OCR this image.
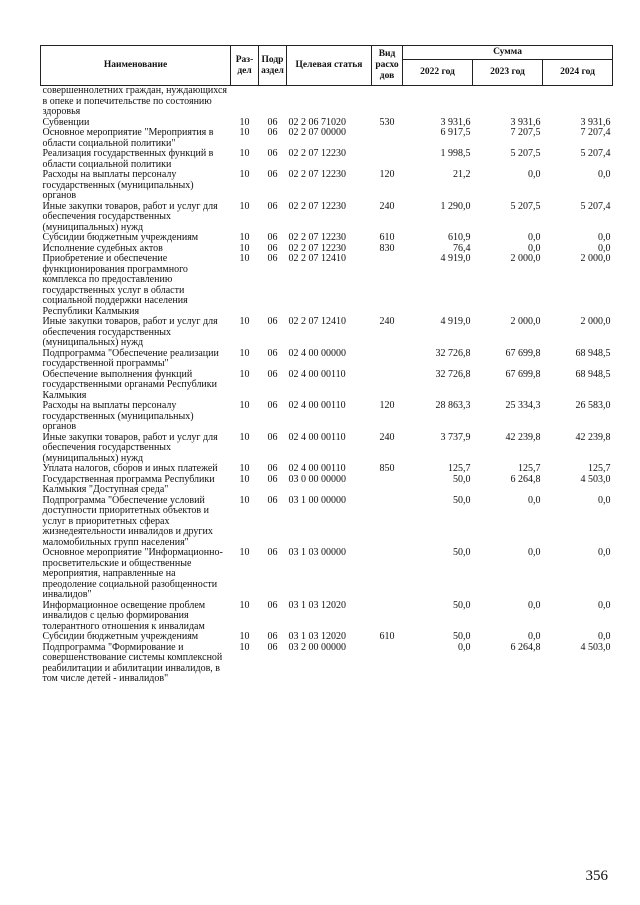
Наименование	Раз-дел	Подр аздел	Целевая статья	Вид расхо дов	Сумма		
					2022 год	2023 год	2024 год
совершеннолетних граждан, нуждающихся в опеке и попечительстве по состоянию здоровья							
Субвенции	10	06	02 2 06 71020	530	3 931,6	3 931,6	3 931,6
Основное мероприятие "Мероприятия в области социальной политики"	10	06	02 2 07 00000		6 917,5	7 207,5	7 207,4
Реализация государственных функций в области социальной политики	10	06	02 2 07 12230		1 998,5	5 207,5	5 207,4
Расходы на выплаты персоналу государственных (муниципальных) органов	10	06	02 2 07 12230	120	21,2	0,0	0,0
Иные закупки товаров, работ и услуг для обеспечения государственных (муниципальных) нужд	10	06	02 2 07 12230	240	1 290,0	5 207,5	5 207,4
Субсидии бюджетным учреждениям	10	06	02 2 07 12230	610	610,9	0,0	0,0
Исполнение судебных актов	10	06	02 2 07 12230	830	76,4	0,0	0,0
Приобретение и обеспечение функционирования программного комплекса по предоставлению государственных услуг в области социальной поддержки населения Республики Калмыкия	10	06	02 2 07 12410		4 919,0	2 000,0	2 000,0
Иные закупки товаров, работ и услуг для обеспечения государственных (муниципальных) нужд	10	06	02 2 07 12410	240	4 919,0	2 000,0	2 000,0
Подпрограмма "Обеспечение реализации государственной программы"	10	06	02 4 00 00000		32 726,8	67 699,8	68 948,5
Обеспечение выполнения функций государственными органами Республики Калмыкия	10	06	02 4 00 00110		32 726,8	67 699,8	68 948,5
Расходы на выплаты персоналу государственных (муниципальных) органов	10	06	02 4 00 00110	120	28 863,3	25 334,3	26 583,0
Иные закупки товаров, работ и услуг для обеспечения государственных (муниципальных) нужд	10	06	02 4 00 00110	240	3 737,9	42 239,8	42 239,8
Уплата налогов, сборов и иных платежей	10	06	02 4 00 00110	850	125,7	125,7	125,7
Государственная программа Республики Калмыкия "Доступная среда"	10	06	03 0 00 00000		50,0	6 264,8	4 503,0
Подпрограмма "Обеспечение условий доступности приоритетных объектов и услуг в приоритетных сферах жизнедеятельности инвалидов и других маломобильных групп населения"	10	06	03 1 00 00000		50,0	0,0	0,0
Основное мероприятие "Информационно-просветительские и общественные мероприятия, направленные на преодоление социальной разобщенности инвалидов"	10	06	03 1 03 00000		50,0	0,0	0,0
Информационное освещение проблем инвалидов с целью формирования толерантного отношения к инвалидам	10	06	03 1 03 12020		50,0	0,0	0,0
Субсидии бюджетным учреждениям	10	06	03 1 03 12020	610	50,0	0,0	0,0
Подпрограмма "Формирование и совершенствование системы комплексной реабилитации и абилитации инвалидов, в том числе детей - инвалидов"	10	06	03 2 00 00000		0,0	6 264,8	4 503,0
356
